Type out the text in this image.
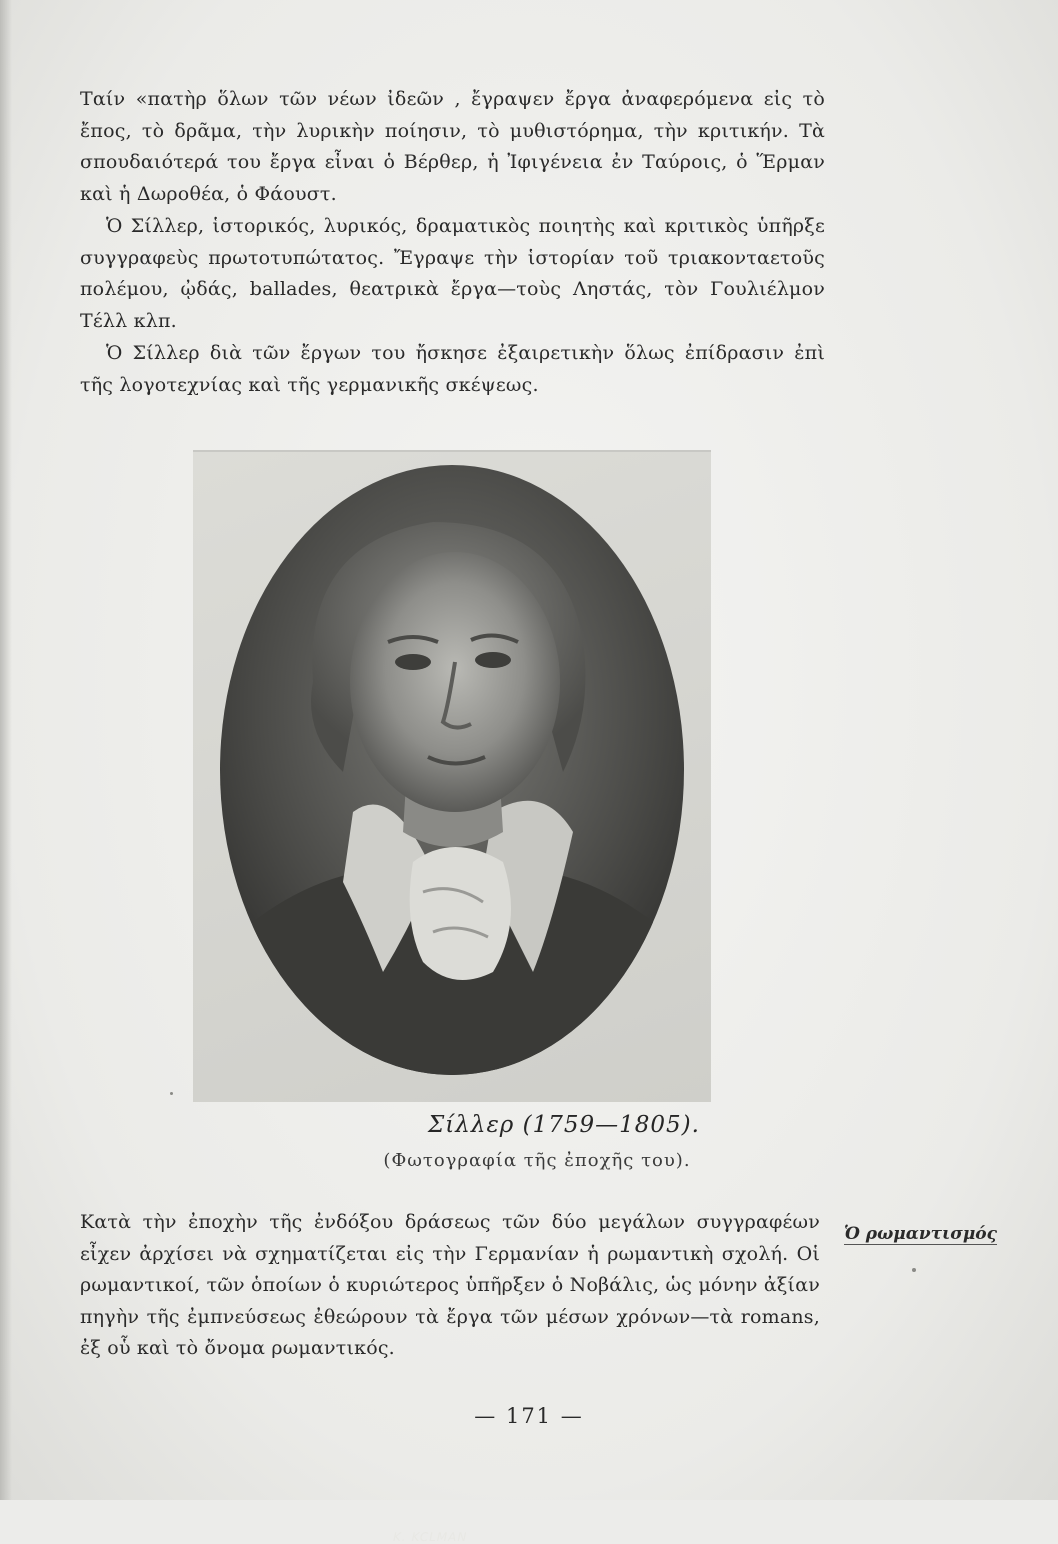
Ταίν «πατὴρ ὅλων τῶν νέων ἰδεῶν , ἔγραψεν ἔργα ἀναφερόμενα εἰς τὸ ἔπος, τὸ δρᾶμα, τὴν λυρικὴν ποίησιν, τὸ μυθιστόρημα, τὴν κριτικήν. Τὰ σπουδαιότερά του ἔργα εἶναι ὁ Βέρθερ, ἡ Ἰφιγένεια ἐν Ταύροις, ὁ Ἕρμαν καὶ ἡ Δωροθέα, ὁ Φάουστ.

Ὁ Σίλλερ, ἱστορικός, λυρικός, δραματικὸς ποιητὴς καὶ κριτικὸς ὑπῆρξε συγγραφεὺς πρωτοτυπώτατος. Ἔγραψε τὴν ἱστορίαν τοῦ τριακονταετοῦς πολέμου, ᾠδάς, ballades, θεατρικὰ ἔργα—τοὺς Ληστάς, τὸν Γουλιέλμον Τέλλ κλπ.

Ὁ Σίλλερ διὰ τῶν ἔργων του ἤσκησε ἐξαιρετικὴν ὅλως ἐπίδρασιν ἐπὶ τῆς λογοτεχνίας καὶ τῆς γερμανικῆς σκέψεως.

K. KCLMAN

Σίλλερ (1759—1805).

(Φωτογραφία τῆς ἐποχῆς του).

Κατὰ τὴν ἐποχὴν τῆς ἐνδόξου δράσεως τῶν δύο μεγάλων συγγραφέων εἶχεν ἀρχίσει νὰ σχηματίζεται εἰς τὴν Γερμανίαν ἡ ρωμαντικὴ σχολή. Οἱ ρωμαντικοί, τῶν ὁποίων ὁ κυριώτερος ὑπῆρξεν ὁ Νοβάλις, ὡς μόνην ἀξίαν πηγὴν τῆς ἐμπνεύσεως ἐθεώρουν τὰ ἔργα τῶν μέσων χρόνων—τὰ romans, ἐξ οὗ καὶ τὸ ὄνομα ρωμαντικός.

Ὁ ρωμαντισμός
— 171 —
